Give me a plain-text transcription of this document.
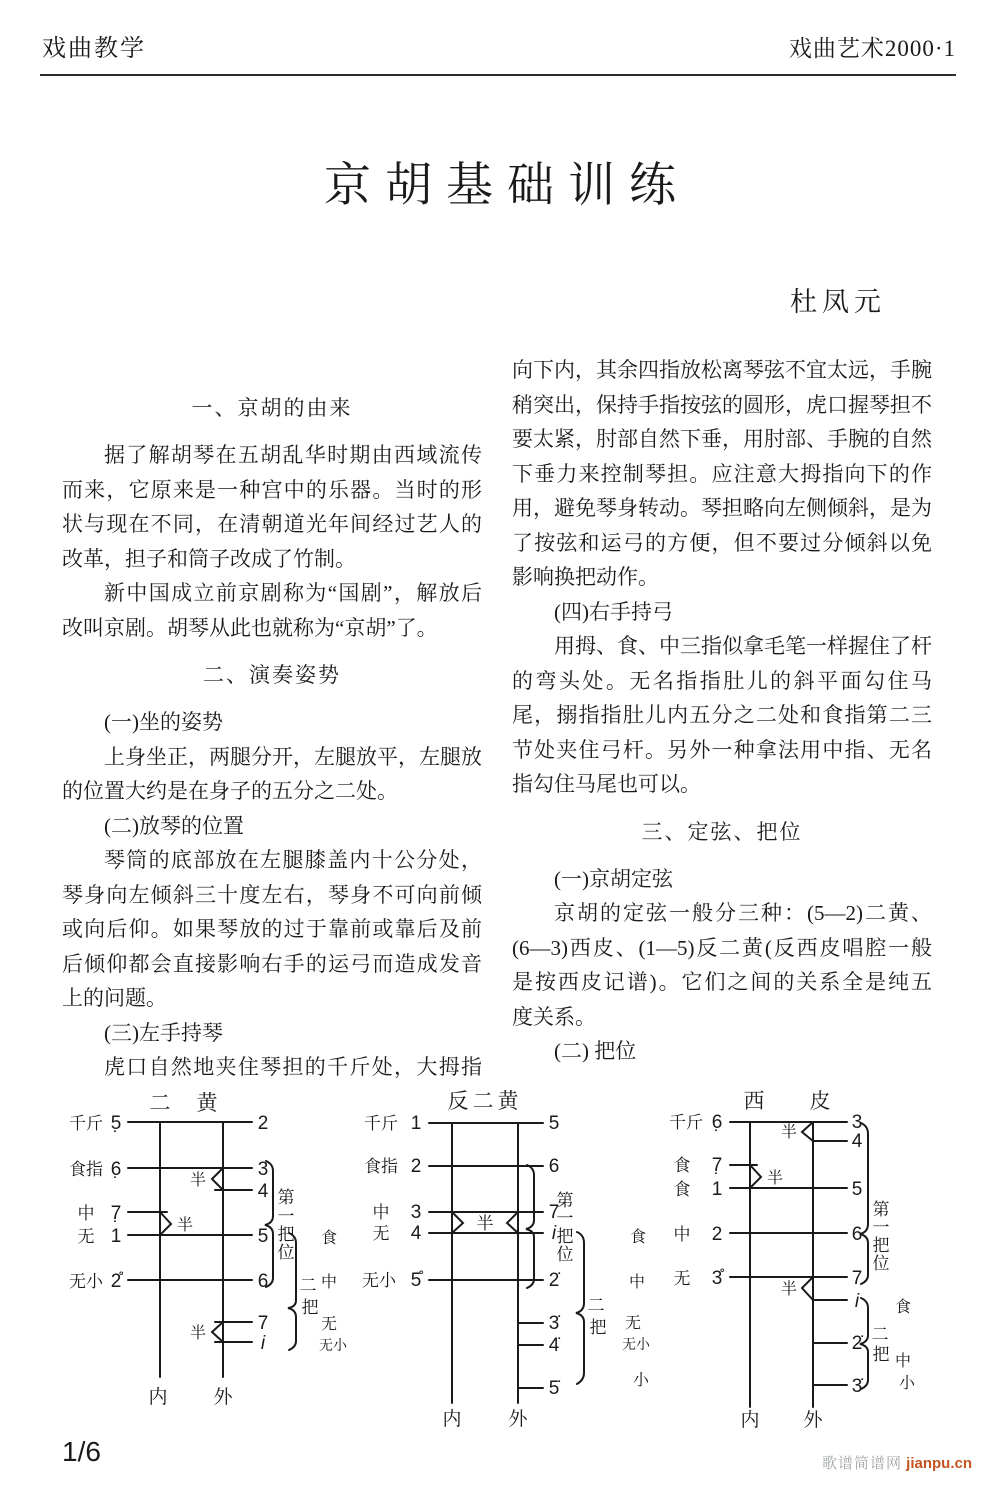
戏曲教学	戏曲艺术2000·1
京胡基础训练
杜凤元
一、京胡的由来
据了解胡琴在五胡乱华时期由西域流传
而来，它原来是一种宫中的乐器。当时的形
状与现在不同，在清朝道光年间经过艺人的
改革，担子和筒子改成了竹制。
新中国成立前京剧称为“国剧”，解放后
改叫京剧。胡琴从此也就称为“京胡”了。
二、演奏姿势
(一)坐的姿势
上身坐正，两腿分开，左腿放平，左腿放
的位置大约是在身子的五分之二处。
(二)放琴的位置
琴筒的底部放在左腿膝盖内十公分处，
琴身向左倾斜三十度左右，琴身不可向前倾
或向后仰。如果琴放的过于靠前或靠后及前
后倾仰都会直接影响右手的运弓而造成发音
上的问题。
(三)左手持琴
虎口自然地夹住琴担的千斤处，大拇指
向下内，其余四指放松离琴弦不宜太远，手腕
稍突出，保持手指按弦的圆形，虎口握琴担不
要太紧，肘部自然下垂，用肘部、手腕的自然
下垂力来控制琴担。应注意大拇指向下的作
用，避免琴身转动。琴担略向左侧倾斜，是为
了按弦和运弓的方便，但不要过分倾斜以免
影响换把动作。
(四)右手持弓
用拇、食、中三指似拿毛笔一样握住了杆
的弯头处。无名指指肚儿的斜平面勾住马
尾，搦指指肚儿内五分之二处和食指第二三
节处夹住弓杆。另外一种拿法用中指、无名
指勾住马尾也可以。
三、定弦、把位
(一)京胡定弦
京胡的定弦一般分三种：(5—2)二黄、
(6—3)西皮、(1—5)反二黄(反西皮唱腔一般
是按西皮记谱)。它们之间的关系全是纯五
度关系。
(二) 把位
二 黄
千斤
食指
中
无
无小
5̣
6̣
7̣
1
2̊
2
3
4
5
6
7
i
半
半
半
第
一
把
位
二
把
食
中
无
无小
内 外
反二黄
千斤
食指
中
无
无小
1
2
3
4
5̊
5
6
7
i
2̇
3̇
4̇
5̇
半
第
一
把
位
二
把
食
中
无
无小
小
内 外
西 皮
千斤
食
食
中
无
6̣
7̣
1
2
3̊
3
4
5
6
7
i
2̇
3̇
半
半
半
第
一
把
位
二
把
食
中
小
内 外
1/6	歌谱简谱网 jianpu.cn
